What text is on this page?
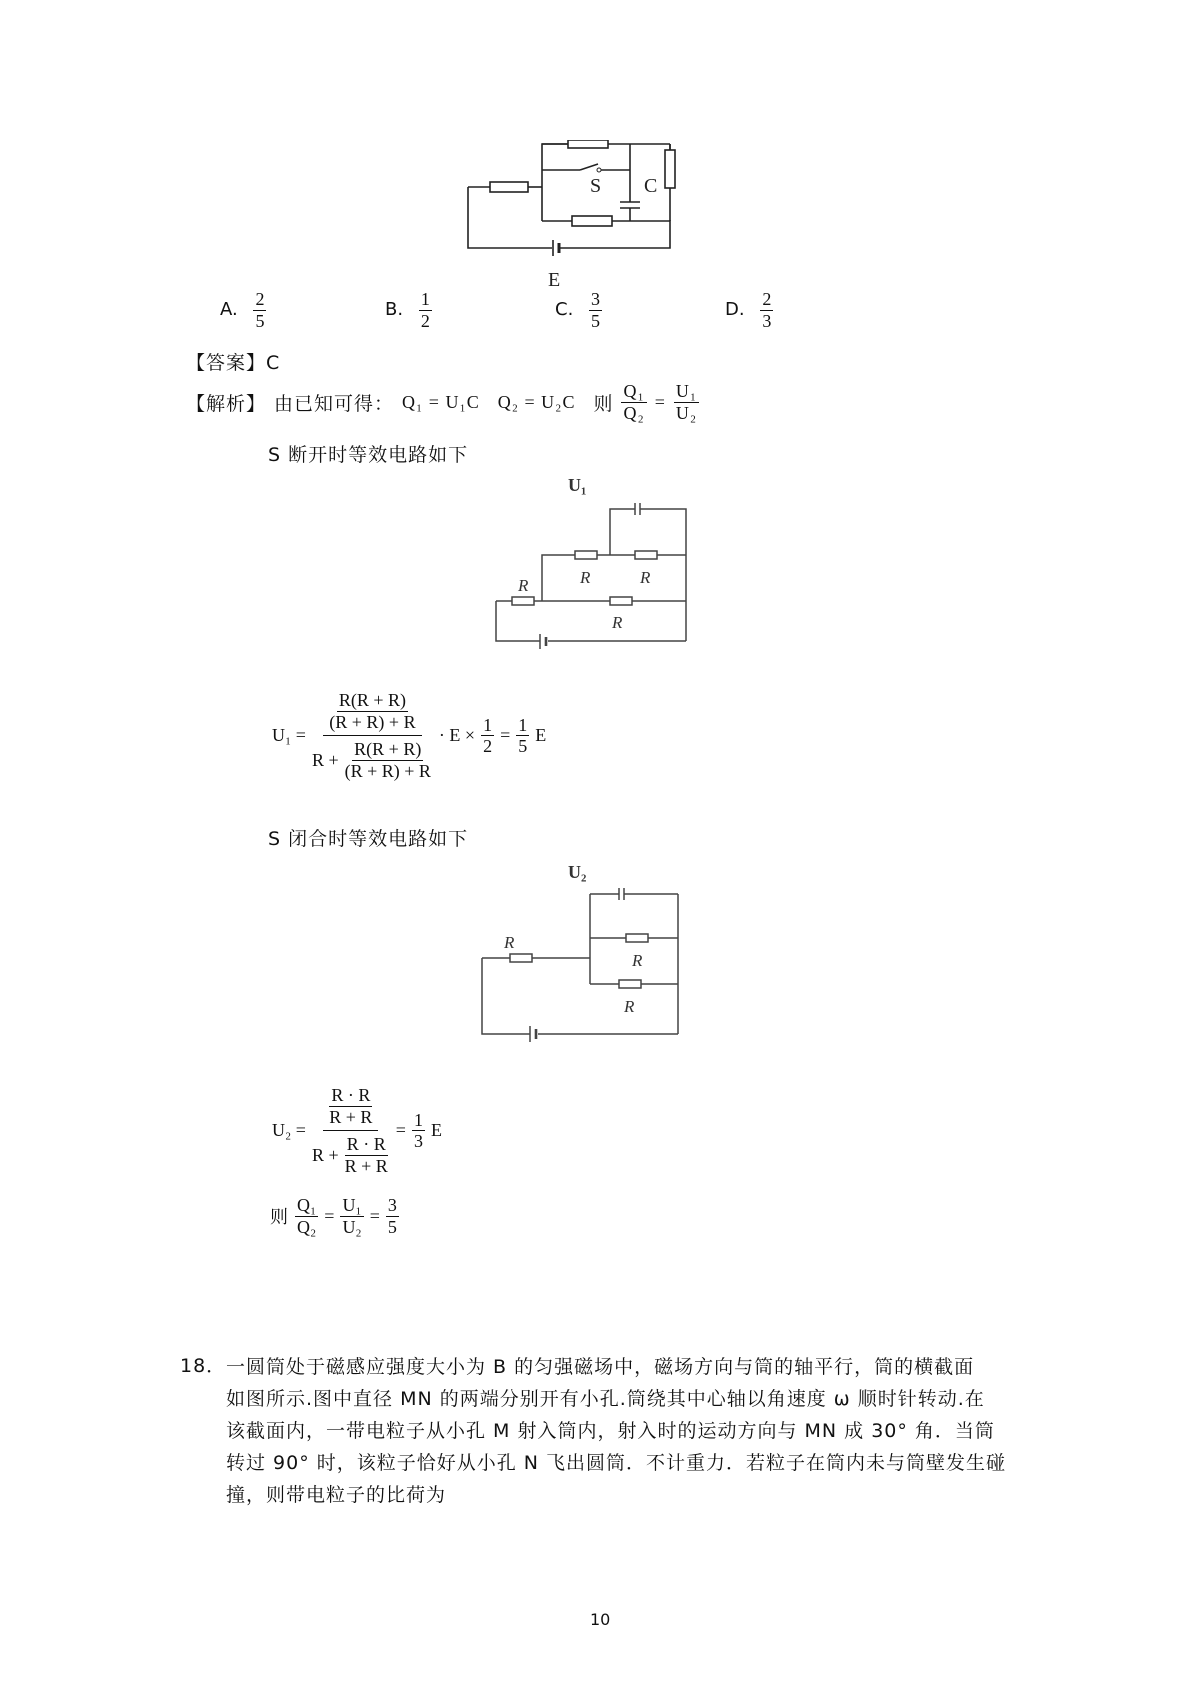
S C
E
A. $\frac{2}{5}$	B. $\frac{1}{2}$	C. $\frac{3}{5}$	D. $\frac{2}{3}$
【答案】C
【解析】 由已知可得： Q₁ = U₁C Q₂ = U₂C 则 $\frac{\text{Q₁}}{\text{Q₂}} = \frac{\text{U₁}}{\text{U₂}}$
S 断开时等效电路如下
U₁
R	R
R
R
$U_1 = \frac{\frac{R(R + R)}{(R + R) + R}}{R + \frac{R(R + R)}{(R + R) + R}} \cdot E \times \frac{1}{2} = \frac{1}{5}$ E
S 闭合时等效电路如下
U₂
R
R
R
$U_2 = \frac{\frac{R \cdot R}{R + R}}{R + \frac{R \cdot R}{R + R}} = \frac{1}{3}$ E
则 $\frac{\text{Q₁}}{\text{Q₂}} = \frac{\text{U₁}}{\text{U₂}} = \frac{3}{5}$
18． 一圆筒处于磁感应强度大小为 B 的匀强磁场中，磁场方向与筒的轴平行，筒的横截面
如图所示.图中直径 MN 的两端分别开有小孔.筒绕其中心轴以角速度 ω 顺时针转动.在
该截面内，一带电粒子从小孔 M 射入筒内，射入时的运动方向与 MN 成 30° 角．当筒
转过 90° 时，该粒子恰好从小孔 N 飞出圆筒．不计重力．若粒子在筒内未与筒壁发生碰
撞，则带电粒子的比荷为
10
